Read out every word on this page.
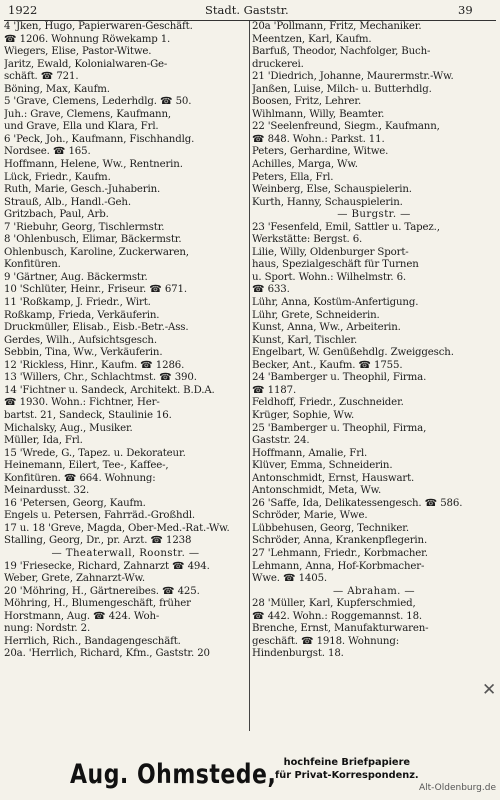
1922	Stadt. Gaststr.	39
4 'Jken, Hugo, Papierwaren-Geschäft.
☎ 1206. Wohnung Röwekamp 1.
Wiegers, Elise, Pastor-Witwe.
Jaritz, Ewald, Kolonialwaren-Ge-
schäft. ☎ 721.
Böning, Max, Kaufm.
5 'Grave, Clemens, Lederhdlg. ☎ 50.
Juh.: Grave, Clemens, Kaufmann,
und Grave, Ella und Klara, Frl.
6 'Peck, Joh., Kaufmann, Fischhandlg.
Nordsee. ☎ 165.
Hoffmann, Helene, Ww., Rentnerin.
Lück, Friedr., Kaufm.
Ruth, Marie, Gesch.-Juhaberin.
Strauß, Alb., Handl.-Geh.
Gritzbach, Paul, Arb.
7 'Riebuhr, Georg, Tischlermstr.
8 'Ohlenbusch, Elimar, Bäckermstr.
Ohlenbusch, Karoline, Zuckerwaren,
Konfitüren.
9 'Gärtner, Aug. Bäckermstr.
10 'Schlüter, Heinr., Friseur. ☎ 671.
11 'Roßkamp, J. Friedr., Wirt.
Roßkamp, Frieda, Verkäuferin.
Druckmüller, Elisab., Eisb.-Betr.-Ass.
Gerdes, Wilh., Aufsichtsgesch.
Sebbin, Tina, Ww., Verkäuferin.
12 'Rickless, Hinr., Kaufm. ☎ 1286.
13 'Willers, Chr., Schlachtmst. ☎ 390.
14 'Fichtner u. Sandeck, Architekt. B.D.A.
☎ 1930. Wohn.: Fichtner, Her-
bartst. 21, Sandeck, Staulinie 16.
Michalsky, Aug., Musiker.
Müller, Ida, Frl.
15 'Wrede, G., Tapez. u. Dekorateur.
Heinemann, Eilert, Tee-, Kaffee-,
Konfitüren. ☎ 664. Wohnung:
Meinardusst. 32.
16 'Petersen, Georg, Kaufm.
Engels u. Petersen, Fahrräd.-Großhdl.
17 u. 18 'Greve, Magda, Ober-Med.-Rat.-Ww.
Stalling, Georg, Dr., pr. Arzt. ☎ 1238
— Theaterwall, Roonstr. —
19 'Friesecke, Richard, Zahnarzt ☎ 494.
Weber, Grete, Zahnarzt-Ww.
20 'Möhring, H., Gärtnereibes. ☎ 425.
Möhring, H., Blumengeschäft, früher
Horstmann, Aug. ☎ 424. Woh-
nung: Nordstr. 2.
Herrlich, Rich., Bandagengeschäft.
20a. 'Herrlich, Richard, Kfm., Gaststr. 20
20a 'Pollmann, Fritz, Mechaniker.
Meentzen, Karl, Kaufm.
Barfuß, Theodor, Nachfolger, Buch-
druckerei.
21 'Diedrich, Johanne, Maurermstr.-Ww.
Janßen, Luise, Milch- u. Butterhdlg.
Boosen, Fritz, Lehrer.
Wihlmann, Willy, Beamter.
22 'Seelenfreund, Siegm., Kaufmann,
☎ 848. Wohn.: Parkst. 11.
Peters, Gerhardine, Witwe.
Achilles, Marga, Ww.
Peters, Ella, Frl.
Weinberg, Else, Schauspielerin.
Kurth, Hanny, Schauspielerin.
— Burgstr. —
23 'Fesenfeld, Emil, Sattler u. Tapez.,
Werkstätte: Bergst. 6.
Lilie, Willy, Oldenburger Sport-
haus, Spezialgeschäft für Turnen
u. Sport. Wohn.: Wilhelmstr. 6.
☎ 633.
Lühr, Anna, Kostüm-Anfertigung.
Lühr, Grete, Schneiderin.
Kunst, Anna, Ww., Arbeiterin.
Kunst, Karl, Tischler.
Engelbart, W. Genüßehdlg. Zweiggesch.
Becker, Ant., Kaufm. ☎ 1755.
24 'Bamberger u. Theophil, Firma.
☎ 1187.
Feldhoff, Friedr., Zuschneider.
Krüger, Sophie, Ww.
25 'Bamberger u. Theophil, Firma,
Gaststr. 24.
Hoffmann, Amalie, Frl.
Klüver, Emma, Schneiderin.
Antonschmidt, Ernst, Hauswart.
Antonschmidt, Meta, Ww.
26 'Saffe, Ida, Delikatessengesch. ☎ 586.
Schröder, Marie, Wwe.
Lübbehusen, Georg, Techniker.
Schröder, Anna, Krankenpflegerin.
27 'Lehmann, Friedr., Korbmacher.
Lehmann, Anna, Hof-Korbmacher-
Wwe. ☎ 1405.
— Abraham. —
28 'Müller, Karl, Kupferschmied,
☎ 442. Wohn.: Roggemannst. 18.
Brenche, Ernst, Manufakturwaren-
geschäft. ☎ 1918. Wohnung:
Hindenburgst. 18.
✕
Aug. Ohmstede, hochfeine Briefpapiere
für Privat-Korrespondenz.
Alt-Oldenburg.de
